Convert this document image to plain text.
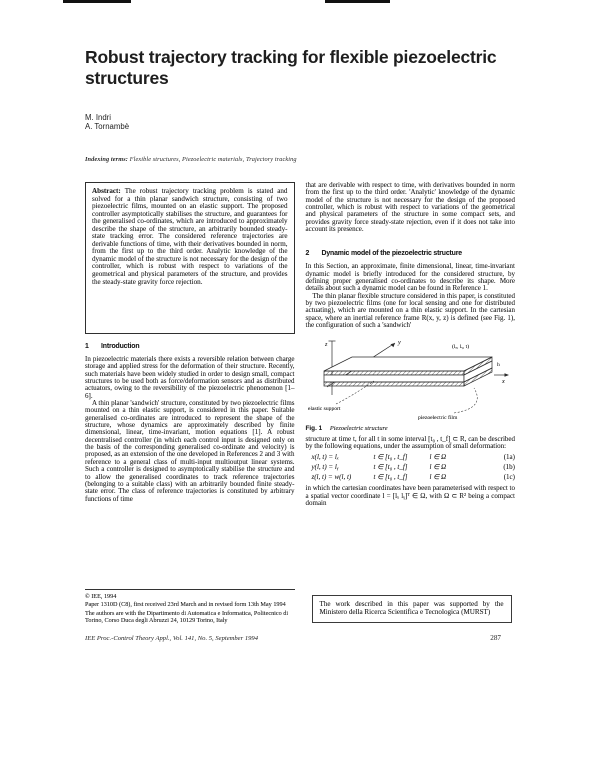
Robust trajectory tracking for flexible piezoelectric structures
M. Indri
A. Tornambè
Indexing terms: Flexible structures, Piezoelectric materials, Trajectory tracking
Abstract: The robust trajectory tracking problem is stated and solved for a thin planar sandwich structure, consisting of two piezoelectric films, mounted on an elastic support. The proposed controller asymptotically stabilises the structure, and guarantees for the generalised co-ordinates, which are introduced to approximately describe the shape of the structure, an arbitrarily bounded steady-state tracking error. The considered reference trajectories are derivable functions of time, with their derivatives bounded in norm, from the first up to the third order. Analytic knowledge of the dynamic model of the structure is not necessary for the design of the controller, which is robust with respect to variations of the geometrical and physical parameters of the structure, and provides the steady-state gravity force rejection.
1	Introduction

In piezoelectric materials there exists a reversible relation between charge storage and applied stress for the deformation of their structure. Recently, such materials have been widely studied in order to design small, compact structures to be used both as force/deformation sensors and as distributed actuators, owing to the reversibility of the piezoelectric phenomenon [1–6].

A thin planar 'sandwich' structure, constituted by two piezoelectric films mounted on a thin elastic support, is considered in this paper. Suitable generalised co-ordinates are introduced to represent the shape of the structure, whose dynamics are approximately described by finite dimensional, linear, time-invariant, motion equations [1]. A robust decentralised controller (in which each control input is designed only on the basis of the corresponding generalised co-ordinate and velocity) is proposed, as an extension of the one developed in References 2 and 3 with reference to a general class of multi-input multioutput linear systems. Such a controller is designed to asymptotically stabilise the structure and to allow the generalised coordinates to track reference trajectories (belonging to a suitable class) with an arbitrarily bounded finite steady-state error. The class of reference trajectories is constituted by arbitrary functions of time

© IEE, 1994
Paper 1310D (C8), first received 23rd March and in revised form 13th May 1994
The authors are with the Dipartimento di Automatica e Informatica, Politecnico di Torino, Corso Duca degli Abruzzi 24, 10129 Torino, Italy

that are derivable with respect to time, with derivatives bounded in norm from the first up to the third order. 'Analytic' knowledge of the dynamic model of the structure is not necessary for the design of the proposed controller, which is robust with respect to variations of the geometrical and physical parameters of the structure in some compact sets, and provides gravity force steady-state rejection, even if it does not take into account its presence.

2	Dynamic model of the piezoelectric structure

In this Section, an approximate, finite dimensional, linear, time-invariant dynamic model is briefly introduced for the considered structure, by defining proper generalised co-ordinates to describe its shape. More details about such a dynamic model can be found in Reference 1.

The thin planar flexible structure considered in this paper, is constituted by two piezoelectric films (one for local sensing and one for distributed actuating), which are mounted on a thin elastic support. In the cartesian space, where an inertial reference frame R(x, y, z) is defined (see Fig. 1), the configuration of such a 'sandwich'

z	y
x
(lₓ, lᵧ, t)
h
elastic support
piezoelectric film
Fig. 1 Piezoelectric structure

structure at time t, for all t in some interval [t₀ , t_f] ⊂ R, can be described by the following equations, under the assumption of small deformation:

x(l, t) = lₓ	t ∈ [t₀ , t_f]	l ∈ Ω	(1a)
y(l, t) = lᵧ	t ∈ [t₀ , t_f]	l ∈ Ω	(1b)
z(l, t) = w(l, t)	t ∈ [t₀ , t_f]	l ∈ Ω	(1c)

in which the cartesian coordinates have been parameterised with respect to a spatial vector coordinate l = [lₓ lᵧ]ᵀ ∈ Ω, with Ω ⊂ R² being a compact domain

The work described in this paper was supported by the Ministero della Ricerca Scientifica e Tecnologica (MURST)
IEE Proc.-Control Theory Appl., Vol. 141, No. 5, September 1994	287
